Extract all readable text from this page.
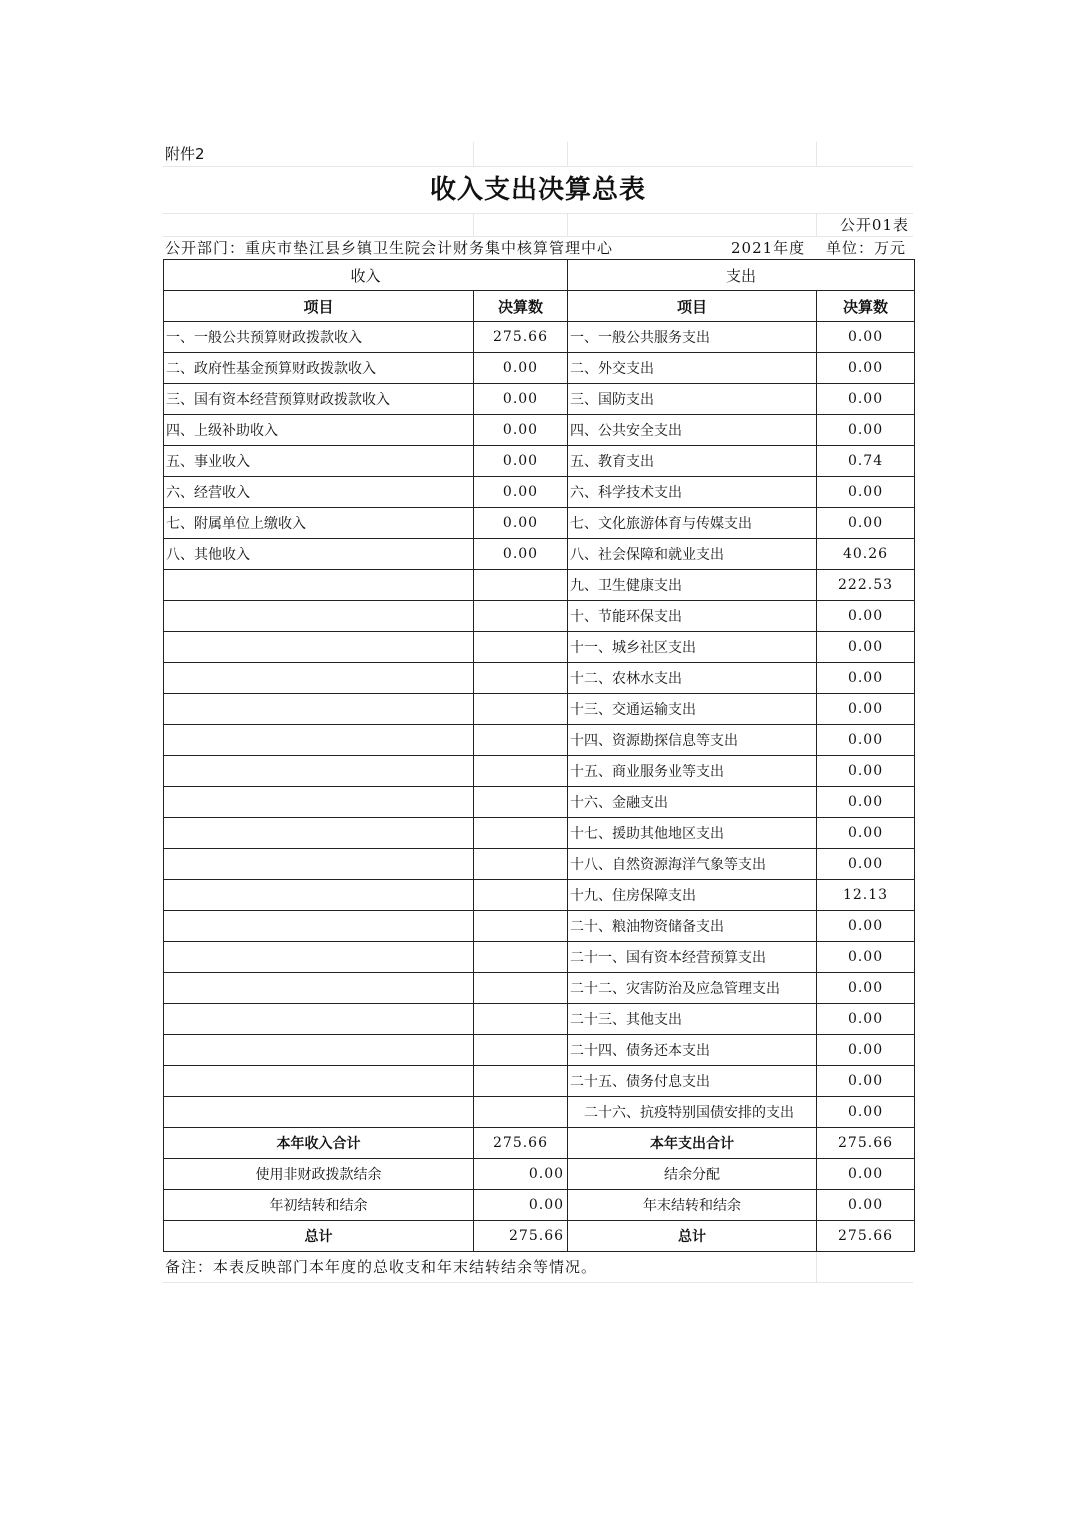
附件2
收入支出决算总表
公开01表
公开部门：重庆市垫江县乡镇卫生院会计财务集中核算管理中心	2021年度	单位：万元
收入		支出	
项目	决算数	项目	决算数
一、一般公共预算财政拨款收入	275.66	一、一般公共服务支出	0.00
二、政府性基金预算财政拨款收入	0.00	二、外交支出	0.00
三、国有资本经营预算财政拨款收入	0.00	三、国防支出	0.00
四、上级补助收入	0.00	四、公共安全支出	0.00
五、事业收入	0.00	五、教育支出	0.74
六、经营收入	0.00	六、科学技术支出	0.00
七、附属单位上缴收入	0.00	七、文化旅游体育与传媒支出	0.00
八、其他收入	0.00	八、社会保障和就业支出	40.26
		九、卫生健康支出	222.53
		十、节能环保支出	0.00
		十一、城乡社区支出	0.00
		十二、农林水支出	0.00
		十三、交通运输支出	0.00
		十四、资源勘探信息等支出	0.00
		十五、商业服务业等支出	0.00
		十六、金融支出	0.00
		十七、援助其他地区支出	0.00
		十八、自然资源海洋气象等支出	0.00
		十九、住房保障支出	12.13
		二十、粮油物资储备支出	0.00
		二十一、国有资本经营预算支出	0.00
		二十二、灾害防治及应急管理支出	0.00
		二十三、其他支出	0.00
		二十四、债务还本支出	0.00
		二十五、债务付息支出	0.00
		二十六、抗疫特别国债安排的支出	0.00
本年收入合计	275.66	本年支出合计	275.66
使用非财政拨款结余	0.00	结余分配	0.00
年初结转和结余	0.00	年末结转和结余	0.00
总计	275.66	总计	275.66
备注：本表反映部门本年度的总收支和年末结转结余等情况。
